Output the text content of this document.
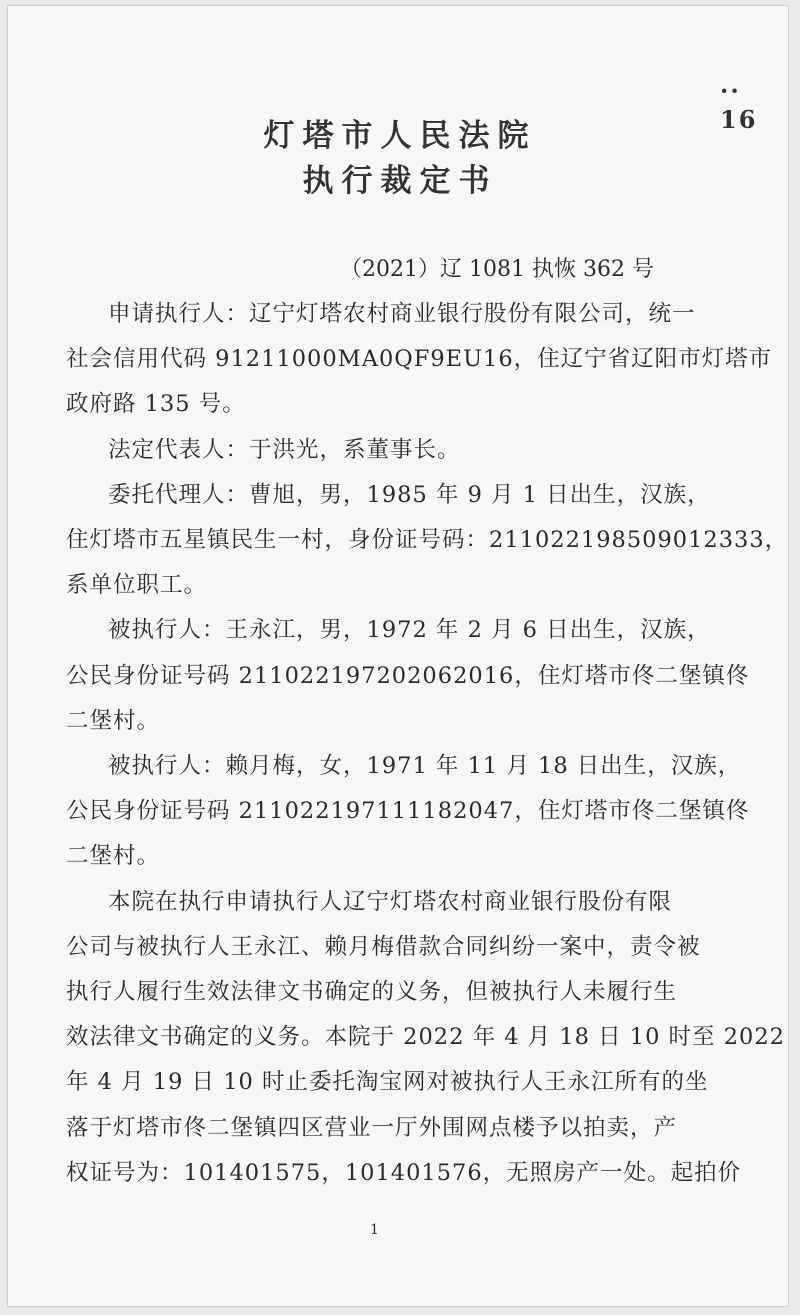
·· 16
灯塔市人民法院
执行裁定书
（2021）辽 1081 执恢 362 号
申请执行人：辽宁灯塔农村商业银行股份有限公司，统一
社会信用代码 91211000MA0QF9EU16，住辽宁省辽阳市灯塔市
政府路 135 号。
法定代表人：于洪光，系董事长。
委托代理人：曹旭，男，1985 年 9 月 1 日出生，汉族，
住灯塔市五星镇民生一村，身份证号码：211022198509012333，
系单位职工。
被执行人：王永江，男，1972 年 2 月 6 日出生，汉族，
公民身份证号码 211022197202062016，住灯塔市佟二堡镇佟
二堡村。
被执行人：赖月梅，女，1971 年 11 月 18 日出生，汉族，
公民身份证号码 211022197111182047，住灯塔市佟二堡镇佟
二堡村。
本院在执行申请执行人辽宁灯塔农村商业银行股份有限
公司与被执行人王永江、赖月梅借款合同纠纷一案中，责令被
执行人履行生效法律文书确定的义务，但被执行人未履行生
效法律文书确定的义务。本院于 2022 年 4 月 18 日 10 时至 2022
年 4 月 19 日 10 时止委托淘宝网对被执行人王永江所有的坐
落于灯塔市佟二堡镇四区营业一厅外围网点楼予以拍卖，产
权证号为：101401575，101401576，无照房产一处。起拍价
1
